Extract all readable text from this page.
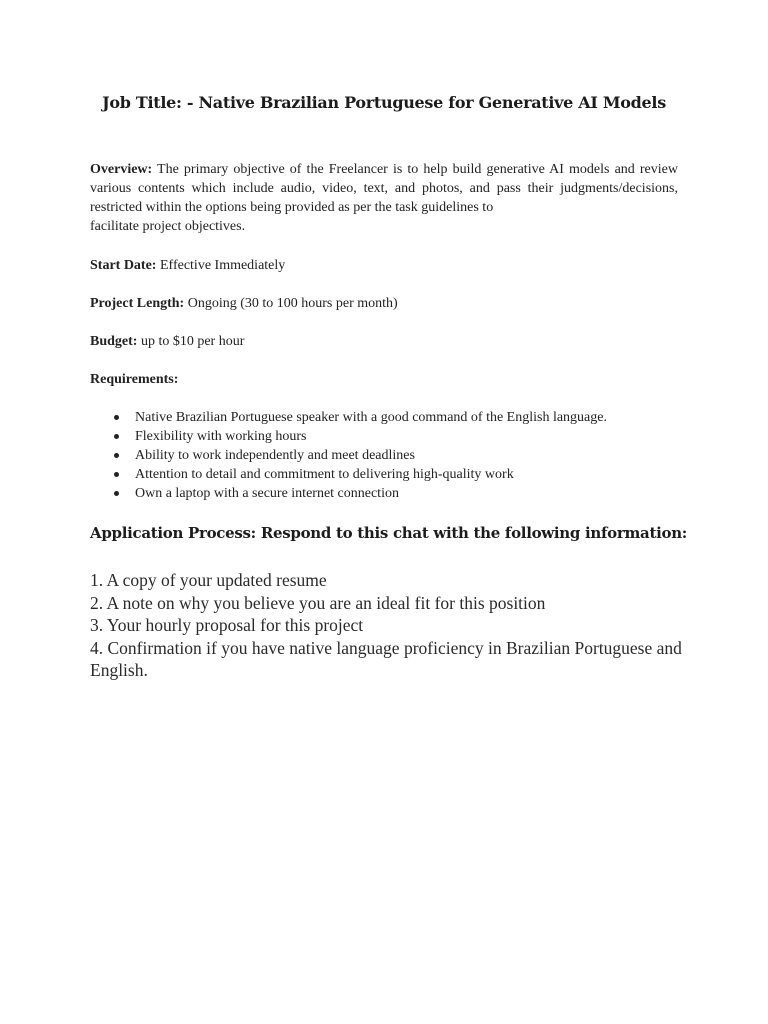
Job Title: - Native Brazilian Portuguese for Generative AI Models
Overview: The primary objective of the Freelancer is to help build generative AI models and review various contents which include audio, video, text, and photos, and pass their judgments/decisions, restricted within the options being provided as per the task guidelines to
facilitate project objectives.
Start Date: Effective Immediately
Project Length: Ongoing (30 to 100 hours per month)
Budget: up to $10 per hour
Requirements:
Native Brazilian Portuguese speaker with a good command of the English language.
Flexibility with working hours
Ability to work independently and meet deadlines
Attention to detail and commitment to delivering high-quality work
Own a laptop with a secure internet connection
Application Process: Respond to this chat with the following information:
1. A copy of your updated resume
2. A note on why you believe you are an ideal fit for this position
3. Your hourly proposal for this project
4. Confirmation if you have native language proficiency in Brazilian Portuguese and English.
